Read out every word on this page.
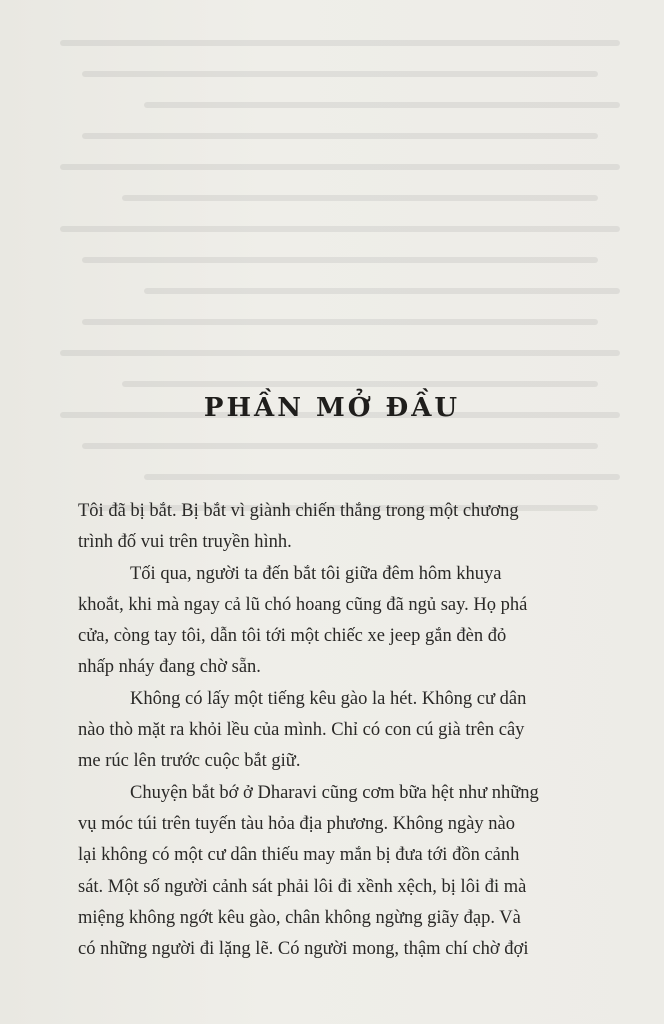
PHẦN MỞ ĐẦU

Tôi đã bị bắt. Bị bắt vì giành chiến thắng trong một chương
trình đố vui trên truyền hình.

Tối qua, người ta đến bắt tôi giữa đêm hôm khuya
khoắt, khi mà ngay cả lũ chó hoang cũng đã ngủ say. Họ phá
cửa, còng tay tôi, dẫn tôi tới một chiếc xe jeep gắn đèn đỏ
nhấp nháy đang chờ sẵn.

Không có lấy một tiếng kêu gào la hét. Không cư dân
nào thò mặt ra khỏi lều của mình. Chỉ có con cú già trên cây
me rúc lên trước cuộc bắt giữ.

Chuyện bắt bớ ở Dharavi cũng cơm bữa hệt như những
vụ móc túi trên tuyến tàu hỏa địa phương. Không ngày nào
lại không có một cư dân thiếu may mắn bị đưa tới đồn cảnh
sát. Một số người cảnh sát phải lôi đi xềnh xệch, bị lôi đi mà
miệng không ngớt kêu gào, chân không ngừng giãy đạp. Và
có những người đi lặng lẽ. Có người mong, thậm chí chờ đợi
